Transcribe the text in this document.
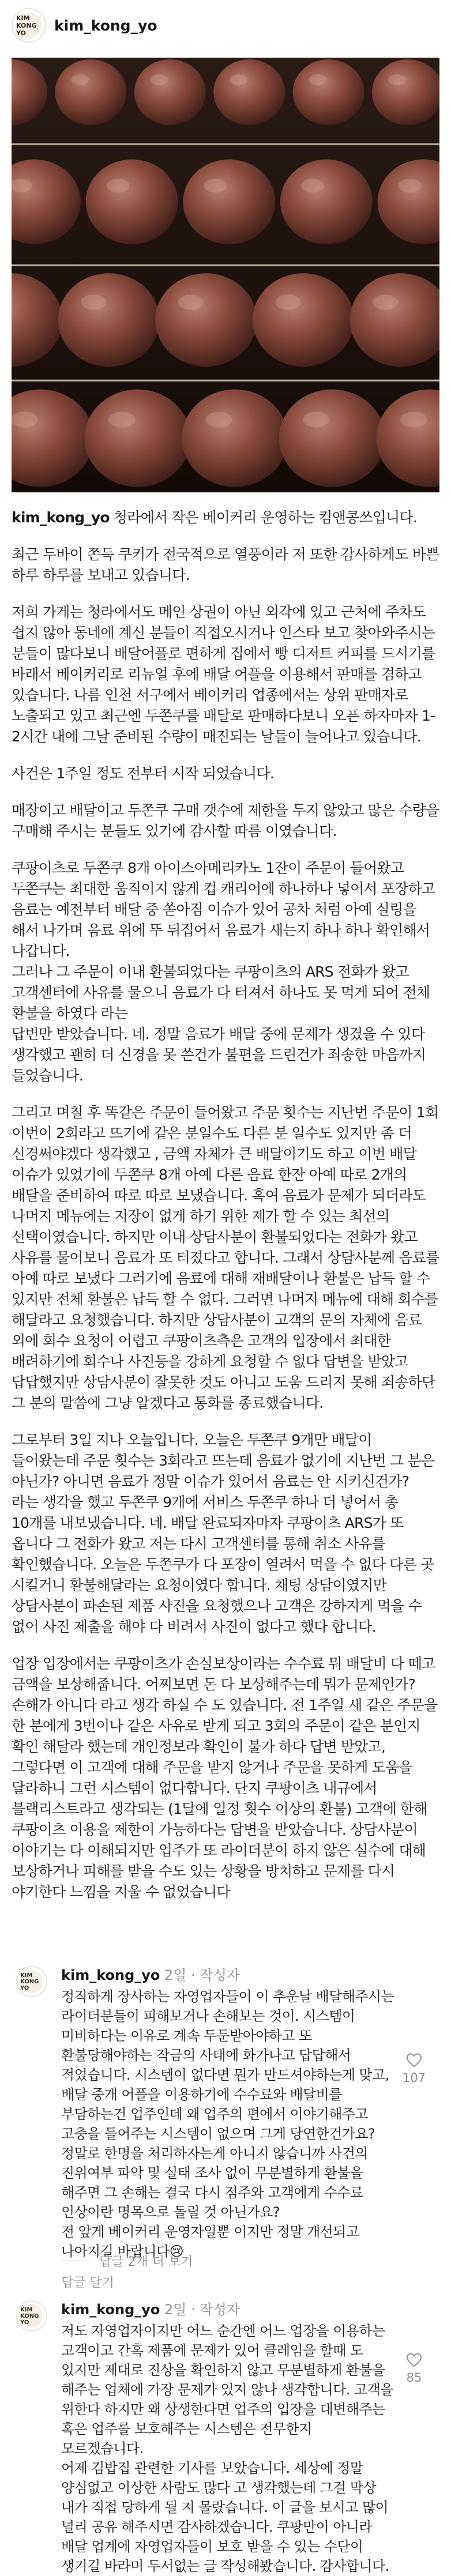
KIM KONG YO	kim_kong_yo

kim_kong_yo 청라에서 작은 베이커리 운영하는 킴앤콩쓰입니다.

최근 두바이 쫀득 쿠키가 전국적으로 열풍이라 저 또한 감사하게도 바쁜 하루 하루를 보내고 있습니다.

저희 가게는 청라에서도 메인 상권이 아닌 외각에 있고 근처에 주차도 쉽지 않아 동네에 계신 분들이 직접오시거나 인스타 보고 찾아와주시는 분들이 많다보니 배달어플로 편하게 집에서 빵 디저트 커피를 드시기를 바래서 베이커리로 리뉴얼 후에 배달 어플을 이용해서 판매를 겸하고 있습니다. 나름 인천 서구에서 베이커리 업종에서는 상위 판매자로 노출되고 있고 최근엔 두쫀쿠를 배달로 판매하다보니 오픈 하자마자 1-2시간 내에 그날 준비된 수량이 매진되는 날들이 늘어나고 있습니다.

사건은 1주일 정도 전부터 시작 되었습니다.

매장이고 배달이고 두쫀쿠 구매 갯수에 제한을 두지 않았고 많은 수량을 구매해 주시는 분들도 있기에 감사할 따름 이였습니다.

쿠팡이츠로 두쫀쿠 8개 아이스아메리카노 1잔이 주문이 들어왔고 두쫀쿠는 최대한 움직이지 않게 컵 캐리어에 하나하나 넣어서 포장하고
음료는 예전부터 배달 중 쏟아짐 이슈가 있어 공차 처럼 아예 실링을 해서 나가며 음료 위에 뚜 뒤집어서 음료가 새는지 하나 하나 확인해서 나갑니다.
그러나 그 주문이 이내 환불되었다는 쿠팡이츠의 ARS 전화가 왔고 고객센터에 사유를 물으니 음료가 다 터져서 하나도 못 먹게 되어 전체 환불을 하였다 라는
답변만 받았습니다. 네. 정말 음료가 배달 중에 문제가 생겼을 수 있다 생각했고 괜히 더 신경을 못 쓴건가 불편을 드린건가 죄송한 마음까지 들었습니다.

그리고 며칠 후 똑같은 주문이 들어왔고 주문 횟수는 지난번 주문이 1회 이번이 2회라고 뜨기에 같은 분일수도 다른 분 일수도 있지만 좀 더 신경써야겠다 생각했고 , 금액 자체가 큰 배달이기도 하고 이번 배달 이슈가 있었기에 두쫀쿠 8개 아예 다른 음료 한잔 아예 따로 2개의 배달을 준비하여 따로 따로 보냈습니다. 혹여 음료가 문제가 되더라도 나머지 메뉴에는 지장이 없게 하기 위한 제가 할 수 있는 최선의 선택이였습니다. 하지만 이내 상담사분이 환불되었다는 전화가 왔고 사유를 물어보니 음료가 또 터졌다고 합니다. 그래서 상담사분께 음료를 아예 따로 보냈다 그러기에 음료에 대해 재배달이나 환불은 납득 할 수 있지만 전체 환불은 납득 할 수 없다. 그러면 나머지 메뉴에 대해 회수를 해달라고 요청했습니다. 하지만 상담사분이 고객의 문의 자체에 음료 외에 회수 요청이 어렵고 쿠팡이츠측은 고객의 입장에서 최대한 배려하기에 회수나 사진등을 강하게 요청할 수 없다 답변을 받았고 답답했지만 상담사분이 잘못한 것도 아니고 도움 드리지 못해 죄송하단 그 분의 말씀에 그냥 알겠다고 통화를 종료했습니다.

그로부터 3일 지나 오늘입니다. 오늘은 두쫀쿠 9개만 배달이 들어왔는데 주문 횟수는 3회라고 뜨는데 음료가 없기에 지난번 그 분은 아닌가? 아니면 음료가 정말 이슈가 있어서 음료는 안 시키신건가? 라는 생각을 했고 두쫀쿠 9개에 서비스 두쫀쿠 하나 더 넣어서 총 10개를 내보냈습니다. 네. 배달 완료되자마자 쿠팡이츠 ARS가 또 옵니다 그 전화가 왔고 저는 다시 고객센터를 통해 취소 사유를 확인했습니다. 오늘은 두쫀쿠가 다 포장이 열려서 먹을 수 없다 다른 곳 시킬거니 환불해달라는 요청이였다 합니다. 채팅 상담이였지만 상담사분이 파손된 제품 사진을 요청했으나 고객은 강하지게 먹을 수 없어 사진 제출을 해야 다 버려서 사진이 없다고 했다 합니다.

업장 입장에서는 쿠팡이츠가 손실보상이라는 수수료 뭐 배달비 다 떼고 금액을 보상해줍니다. 어찌보면 돈 다 보상해주는데 뭐가 문제인가? 손해가 아니다 라고 생각 하실 수 도 있습니다. 전 1주일 새 같은 주문을 한 분에게 3번이나 같은 사유로 받게 되고 3회의 주문이 같은 분인지 확인 해달라 했는데 개인정보라 확인이 불가 하다 답변 받았고, 그렇다면 이 고객에 대해 주문을 받지 않거나 주문을 못하게 도움을 달라하니 그런 시스템이 없다합니다. 단지 쿠팡이츠 내규에서 블랙리스트라고 생각되는 (1달에 일정 횟수 이상의 환불) 고객에 한해 쿠팡이츠 이용을 제한이 가능하다는 답변을 받았습니다. 상담사분이 이야기는 다 이해되지만 업주가 또 라이더분이 하지 않은 실수에 대해 보상하거나 피해를 받을 수도 있는 상황을 방치하고 문제를 다시 야기한다 느낌을 지울 수 없었습니다

KIM KONG YO
kim_kong_yo 2일 · 작성자
정직하게 장사하는 자영업자들이 이 추운날 배달해주시는 라이더분들이 피해보거나 손해보는 것이. 시스템이 미비하다는 이유로 계속 두둔받아야하고 또 환불당해야하는 작금의 사태에 화가나고 답답해서 적었습니다. 시스템이 없다면 뭔가 만드셔야하는게 맞고, 배달 중개 어플을 이용하기에 수수료와 배달비를 부담하는건 업주인데 왜 업주의 편에서 이야기해주고 고충을 들어주는 시스템이 없으며 그게 당연한건가요? 정말로 한명을 처리하자는게 아니지 않습니까 사건의 진위여부 파악 및 실태 조사 없이 무분별하게 환불을 해주면 그 손해는 결국 다시 점주와 고객에게 수수료 인상이란 명목으로 돌릴 것 아닌가요?
전 앞게 베이커리 운영자일뿐 이지만 정말 개선되고 나아지길 바랍니다😢
답글 달기
107
답글 2개 더 보기
KIM KONG YO
kim_kong_yo 2일 · 작성자
저도 자영업자이지만 어느 순간엔 어느 업장을 이용하는 고객이고 간혹 제품에 문제가 있어 클레임을 할때 도 있지만 제대로 진상을 확인하지 않고 무분별하게 환불을 해주는 업체에 가장 문제가 있지 않나 생각합니다. 고객을 위한다 하지만 왜 상생한다면 업주의 입장을 대변해주는 혹은 업주를 보호해주는 시스템은 전무한지 모르겠습니다.
어제 김밥집 관련한 기사를 보았습니다. 세상에 정말 양심없고 이상한 사람도 많다 고 생각했는데 그걸 막상 내가 직접 당하게 될 지 몰랐습니다. 이 글을 보시고 많이 널리 공유 해주시면 감사하겠습니다. 쿠팡만이 아니라 배달 업계에 자영업자들이 보호 받을 수 있는 수단이 생기길 바라며 두서없는 글 작성해봤습니다. 감사합니다.
85
